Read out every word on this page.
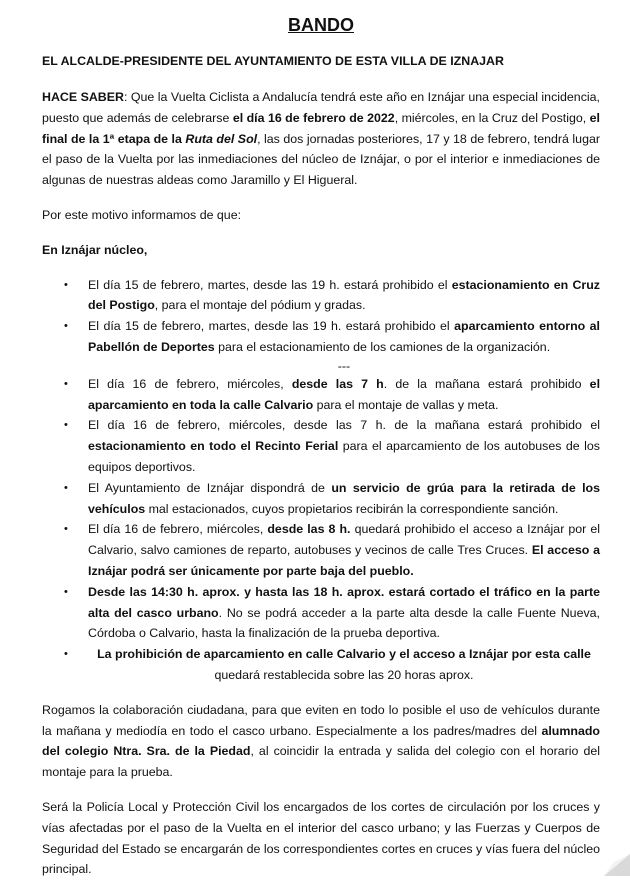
BANDO
EL ALCALDE-PRESIDENTE DEL AYUNTAMIENTO DE ESTA VILLA DE IZNAJAR

HACE SABER: Que la Vuelta Ciclista a Andalucía tendrá este año en Iznájar una especial incidencia, puesto que además de celebrarse el día 16 de febrero de 2022, miércoles, en la Cruz del Postigo, el final de la 1ª etapa de la Ruta del Sol, las dos jornadas posteriores, 17 y 18 de febrero, tendrá lugar el paso de la Vuelta por las inmediaciones del núcleo de Iznájar, o por el interior e inmediaciones de algunas de nuestras aldeas como Jaramillo y El Higueral.

Por este motivo informamos de que:

En Iznájar núcleo,

• El día 15 de febrero, martes, desde las 19 h. estará prohibido el estacionamiento en Cruz del Postigo, para el montaje del pódium y gradas.
• El día 15 de febrero, martes, desde las 19 h. estará prohibido el aparcamiento entorno al Pabellón de Deportes para el estacionamiento de los camiones de la organización.
---
• El día 16 de febrero, miércoles, desde las 7 h. de la mañana estará prohibido el aparcamiento en toda la calle Calvario para el montaje de vallas y meta.
• El día 16 de febrero, miércoles, desde las 7 h. de la mañana estará prohibido el estacionamiento en todo el Recinto Ferial para el aparcamiento de los autobuses de los equipos deportivos.
• El Ayuntamiento de Iznájar dispondrá de un servicio de grúa para la retirada de los vehículos mal estacionados, cuyos propietarios recibirán la correspondiente sanción.
• El día 16 de febrero, miércoles, desde las 8 h. quedará prohibido el acceso a Iznájar por el Calvario, salvo camiones de reparto, autobuses y vecinos de calle Tres Cruces. El acceso a Iznájar podrá ser únicamente por parte baja del pueblo.
• Desde las 14:30 h. aprox. y hasta las 18 h. aprox. estará cortado el tráfico en la parte alta del casco urbano. No se podrá acceder a la parte alta desde la calle Fuente Nueva, Córdoba o Calvario, hasta la finalización de la prueba deportiva.
• La prohibición de aparcamiento en calle Calvario y el acceso a Iznájar por esta calle quedará restablecida sobre las 20 horas aprox.

Rogamos la colaboración ciudadana, para que eviten en todo lo posible el uso de vehículos durante la mañana y mediodía en todo el casco urbano. Especialmente a los padres/madres del alumnado del colegio Ntra. Sra. de la Piedad, al coincidir la entrada y salida del colegio con el horario del montaje para la prueba.

Será la Policía Local y Protección Civil los encargados de los cortes de circulación por los cruces y vías afectadas por el paso de la Vuelta en el interior del casco urbano; y las Fuerzas y Cuerpos de Seguridad del Estado se encargarán de los correspondientes cortes en cruces y vías fuera del núcleo principal.
